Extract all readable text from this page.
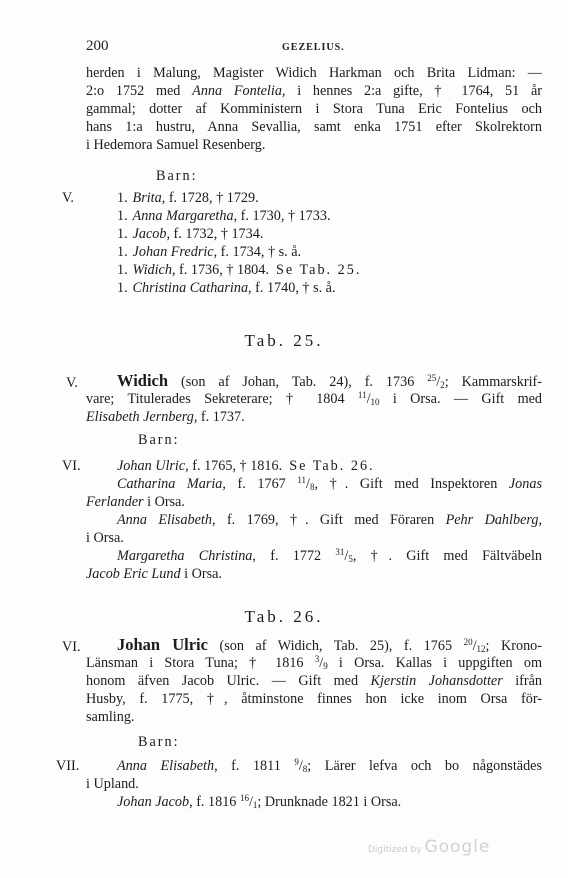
200	GEZELIUS.
herden i Malung, Magister Widich Harkman och Brita Lidman: —
2:o 1752 med Anna Fontelia, i hennes 2:a gifte, † 1764, 51 år
gammal; dotter af Komministern i Stora Tuna Eric Fontelius och
hans 1:a hustru, Anna Sevallia, samt enka 1751 efter Skolrektorn
i Hedemora Samuel Resenberg.
Barn:
V.	1. Brita, f. 1728, † 1729.
1. Anna Margaretha, f. 1730, † 1733.
1. Jacob, f. 1732, † 1734.
1. Johan Fredric, f. 1734, † s. å.
1. Widich, f. 1736, † 1804. Se Tab. 25.
1. Christina Catharina, f. 1740, † s. å.
Tab. 25.
V. Widich (son af Johan, Tab. 24), f. 1736 $^{25}/_2$; Kammarskrif-
vare; Titulerades Sekreterare; † 1804 $^{11}/_{10}$ i Orsa. — Gift med
Elisabeth Jernberg, f. 1737.
Barn:
VI.	Johan Ulric, f. 1765, † 1816. Se Tab. 26.
Catharina Maria, f. 1767 $^{11}/_8$, †. Gift med Inspektoren Jonas
Ferlander i Orsa.
Anna Elisabeth, f. 1769, †. Gift med Föraren Pehr Dahlberg,
i Orsa.
Margaretha Christina, f. 1772 $^{31}/_5$, †. Gift med Fältväbeln
Jacob Eric Lund i Orsa.
Tab. 26.
VI. Johan Ulric (son af Widich, Tab. 25), f. 1765 $^{20}/_{12}$; Krono-
Länsman i Stora Tuna; † 1816 $^3/_9$ i Orsa. Kallas i uppgiften om
honom äfven Jacob Ulric. — Gift med Kjerstin Johansdotter ifrån
Husby, f. 1775, †, åtminstone finnes hon icke inom Orsa för-
samling.
Barn:
VII.	Anna Elisabeth, f. 1811 $^9/_8$; Lärer lefva och bo någonstädes
i Upland.
Johan Jacob, f. 1816 $^{16}/_1$; Drunknade 1821 i Orsa.
Digitized by Google
